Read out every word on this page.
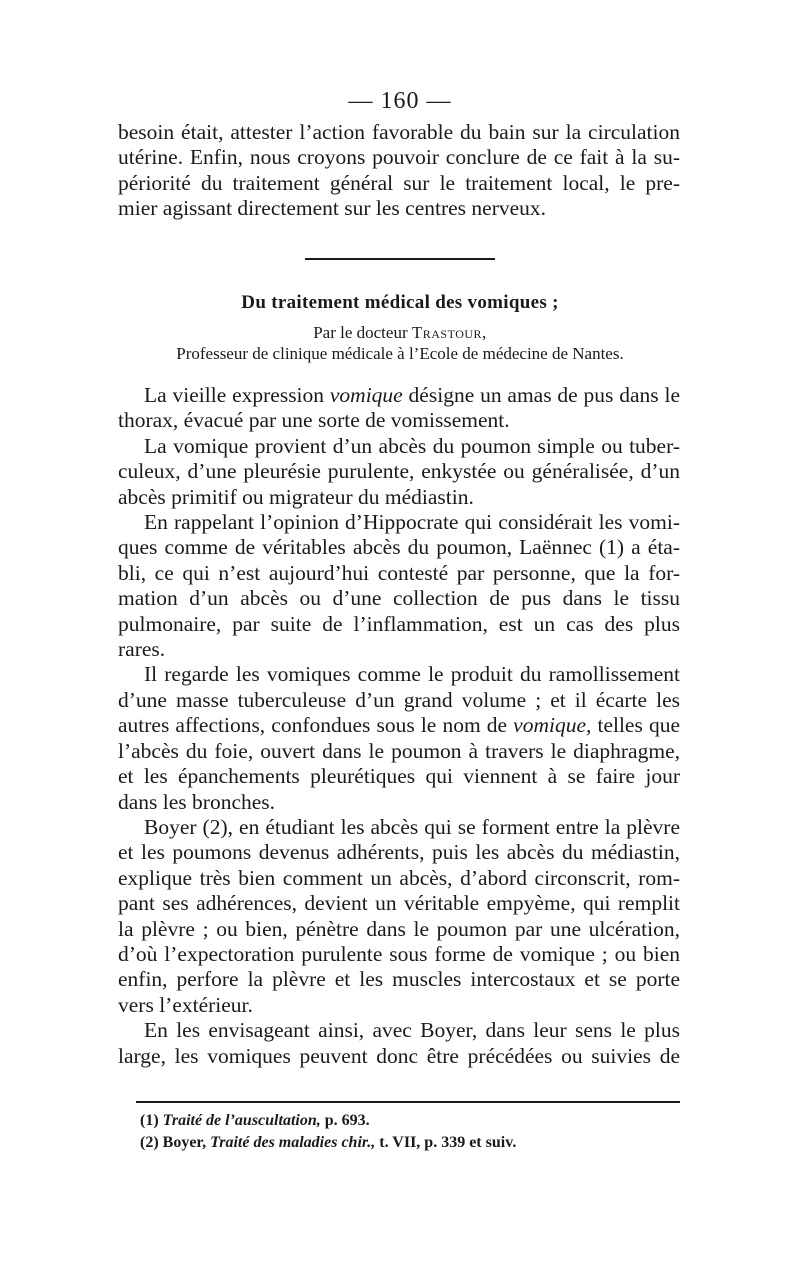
— 160 —

besoin était, attester l’action favorable du bain sur la circulation

utérine. Enfin, nous croyons pouvoir conclure de ce fait à la su-

périorité du traitement général sur le traitement local, le pre-

mier agissant directement sur les centres nerveux.

Du traitement médical des vomiques ;
Par le docteur Trastour,
Professeur de clinique médicale à l’Ecole de médecine de Nantes.

La vieille expression vomique désigne un amas de pus dans le

thorax, évacué par une sorte de vomissement.

La vomique provient d’un abcès du poumon simple ou tuber-

culeux, d’une pleurésie purulente, enkystée ou généralisée, d’un

abcès primitif ou migrateur du médiastin.

En rappelant l’opinion d’Hippocrate qui considérait les vomi-

ques comme de véritables abcès du poumon, Laënnec (1) a éta-

bli, ce qui n’est aujourd’hui contesté par personne, que la for-

mation d’un abcès ou d’une collection de pus dans le tissu

pulmonaire, par suite de l’inflammation, est un cas des plus

rares.

Il regarde les vomiques comme le produit du ramollissement

d’une masse tuberculeuse d’un grand volume ; et il écarte les

autres affections, confondues sous le nom de vomique, telles que

l’abcès du foie, ouvert dans le poumon à travers le diaphragme,

et les épanchements pleurétiques qui viennent à se faire jour

dans les bronches.

Boyer (2), en étudiant les abcès qui se forment entre la plèvre

et les poumons devenus adhérents, puis les abcès du médiastin,

explique très bien comment un abcès, d’abord circonscrit, rom-

pant ses adhérences, devient un véritable empyème, qui remplit

la plèvre ; ou bien, pénètre dans le poumon par une ulcération,

d’où l’expectoration purulente sous forme de vomique ; ou bien

enfin, perfore la plèvre et les muscles intercostaux et se porte

vers l’extérieur.

En les envisageant ainsi, avec Boyer, dans leur sens le plus

large, les vomiques peuvent donc être précédées ou suivies de

(1) Traité de l’auscultation, p. 693.
(2) Boyer, Traité des maladies chir., t. VII, p. 339 et suiv.
